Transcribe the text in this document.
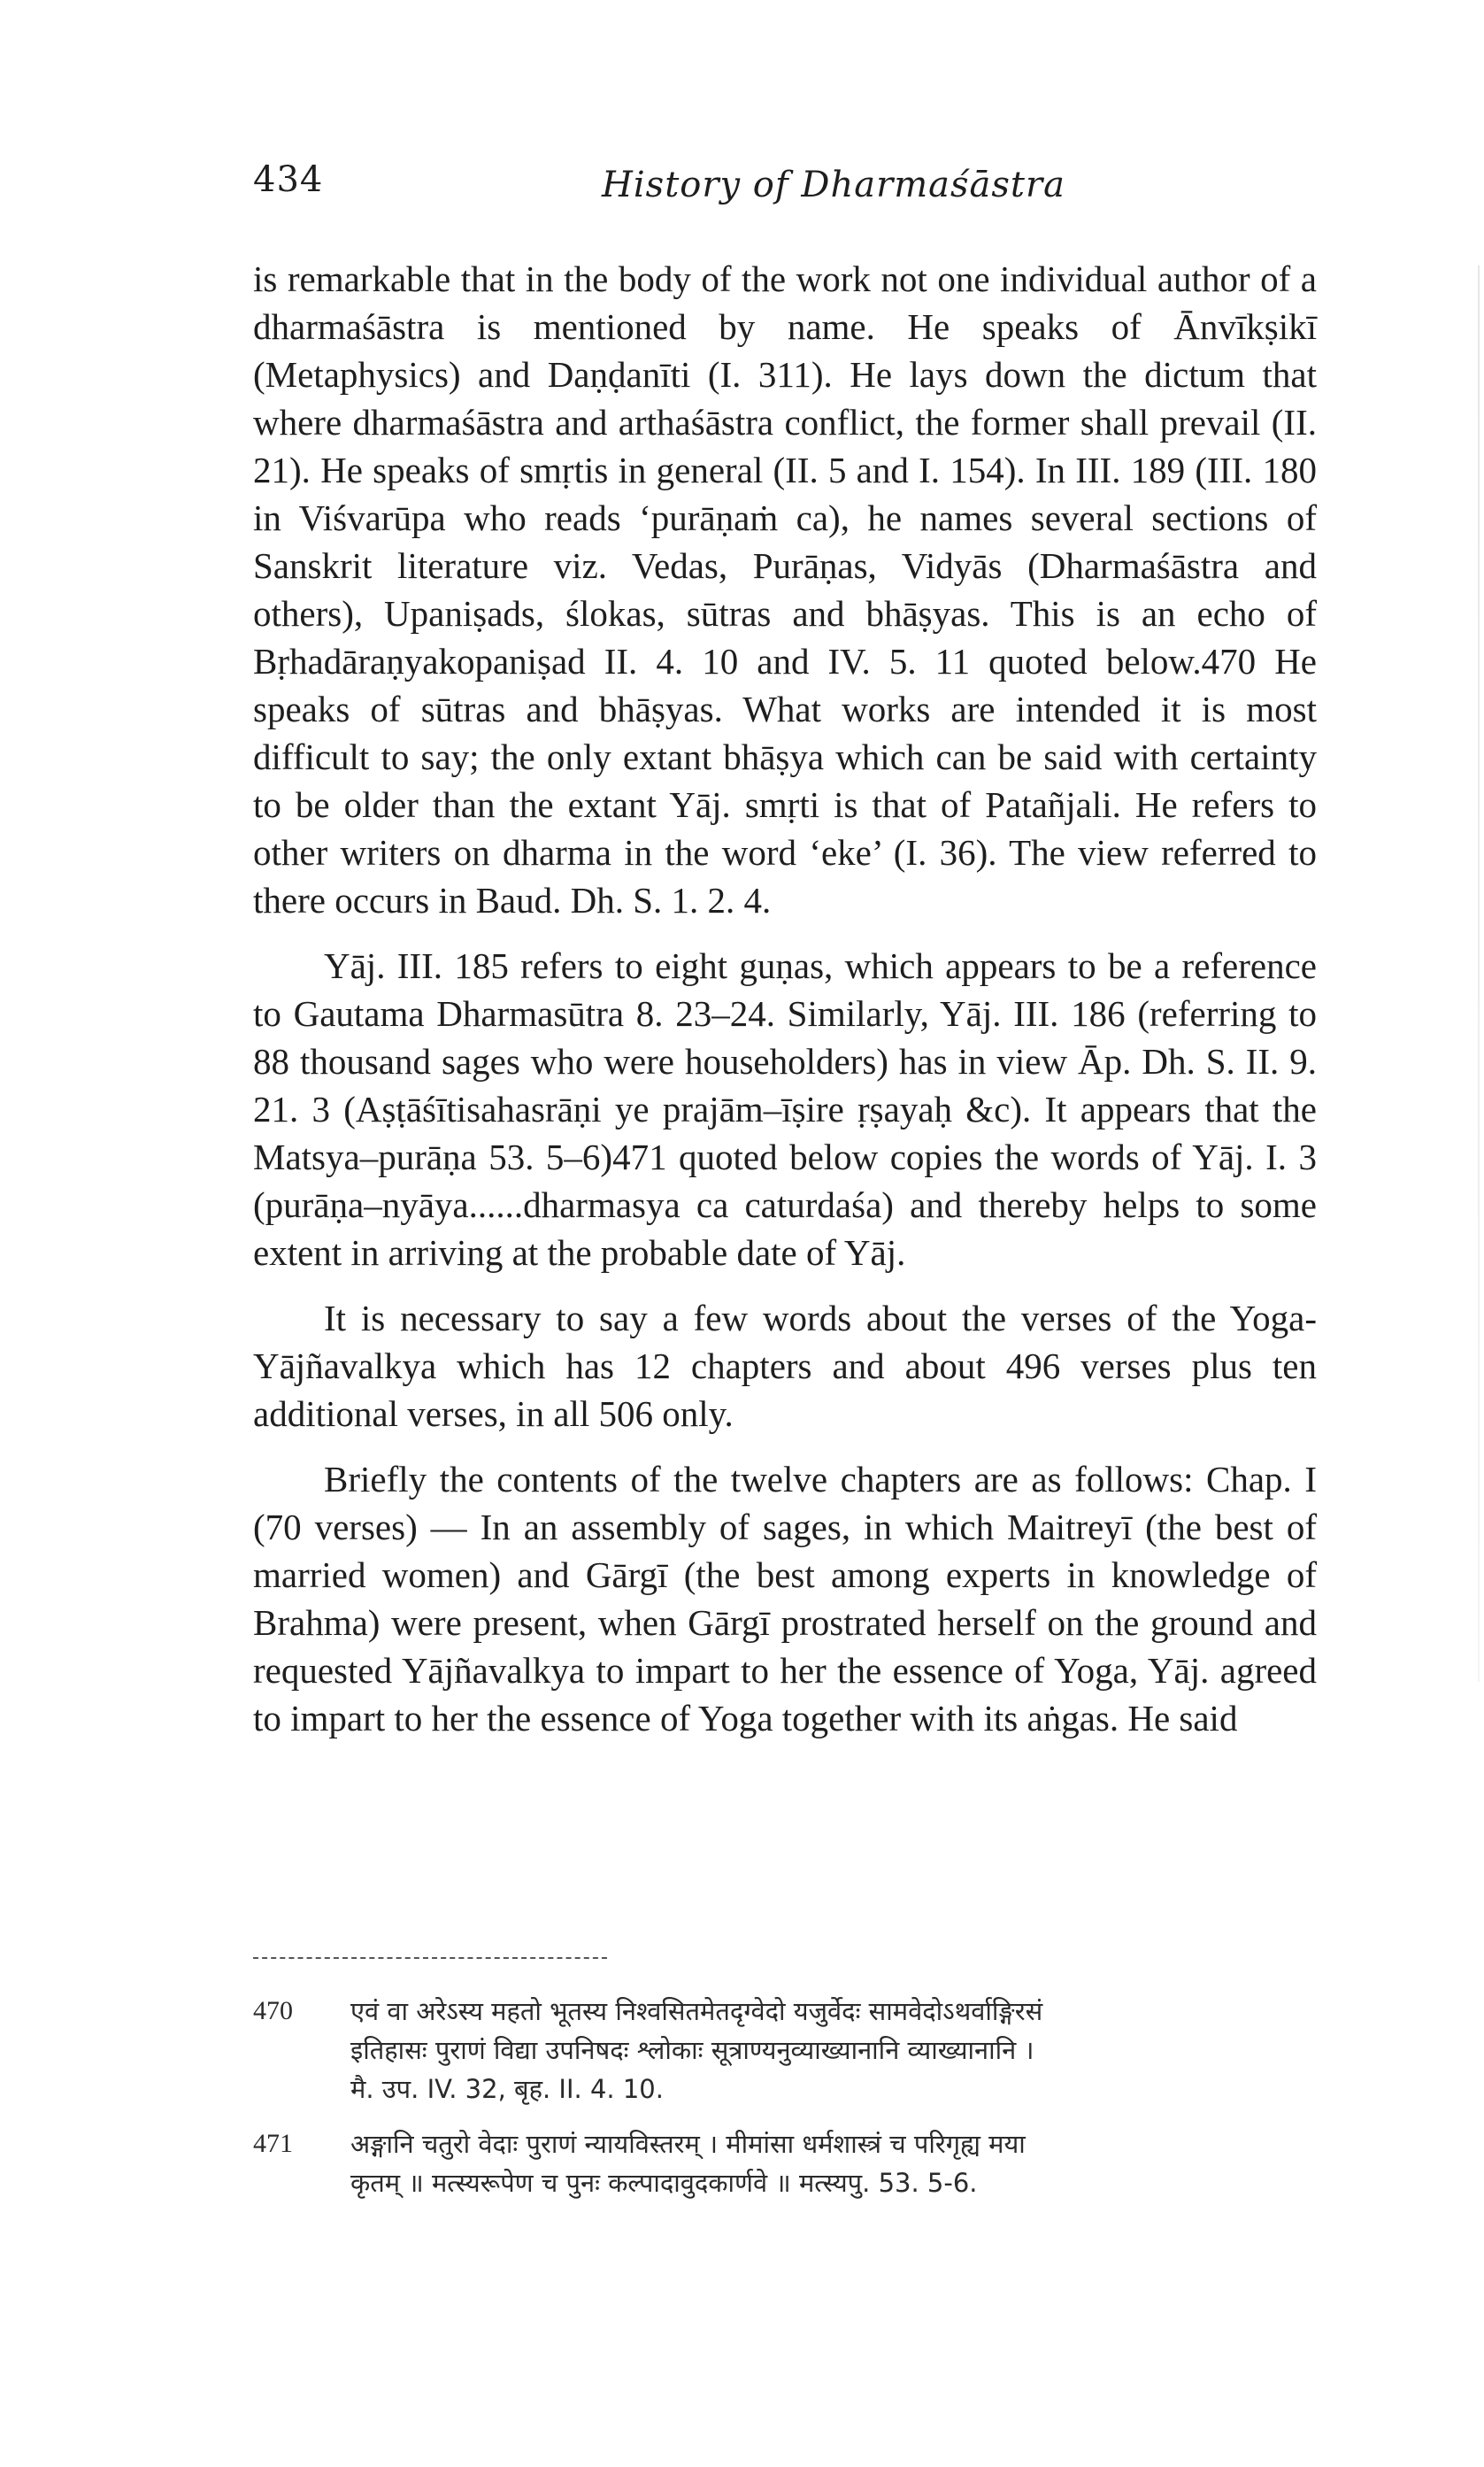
434	History of Dharmaśāstra

is remarkable that in the body of the work not one individual author of a dharmaśāstra is mentioned by name. He speaks of Ānvīkṣikī (Metaphysics) and Daṇḍanīti (I. 311). He lays down the dictum that where dharmaśāstra and arthaśāstra conflict, the former shall prevail (II. 21). He speaks of smṛtis in general (II. 5 and I. 154). In III. 189 (III. 180 in Viśvarūpa who reads ‘purāṇaṁ ca), he names several sections of Sanskrit literature viz. Vedas, Purāṇas, Vidyās (Dharmaśāstra and others), Upaniṣads, ślokas, sūtras and bhāṣyas. This is an echo of Bṛhadāraṇyakopaniṣad II. 4. 10 and IV. 5. 11 quoted below.470 He speaks of sūtras and bhāṣyas. What works are intended it is most difficult to say; the only extant bhāṣya which can be said with certainty to be older than the extant Yāj. smṛti is that of Patañjali. He refers to other writers on dharma in the word ‘eke’ (I. 36). The view referred to there occurs in Baud. Dh. S. 1. 2. 4.

Yāj. III. 185 refers to eight guṇas, which appears to be a reference to Gautama Dharmasūtra 8. 23–24. Similarly, Yāj. III. 186 (referring to 88 thousand sages who were householders) has in view Āp. Dh. S. II. 9. 21. 3 (Aṣṭāśītisahasrāṇi ye prajām–īṣire ṛṣayaḥ &c). It appears that the Matsya–purāṇa 53. 5–6)471 quoted below copies the words of Yāj. I. 3 (purāṇa–nyāya......dharmasya ca caturdaśa) and thereby helps to some extent in arriving at the probable date of Yāj.

It is necessary to say a few words about the verses of the Yoga-Yājñavalkya which has 12 chapters and about 496 verses plus ten additional verses, in all 506 only.

Briefly the contents of the twelve chapters are as follows: Chap. I (70 verses) — In an assembly of sages, in which Maitreyī (the best of married women) and Gārgī (the best among experts in knowledge of Brahma) were present, when Gārgī prostrated herself on the ground and requested Yājñavalkya to impart to her the essence of Yoga, Yāj. agreed to impart to her the essence of Yoga together with its aṅgas. He said

470	एवं वा अरेऽस्य महतो भूतस्य निश्वसितमेतदृग्वेदो यजुर्वेदः सामवेदोऽथर्वाङ्गिरसं
इतिहासः पुराणं विद्या उपनिषदः श्लोकाः सूत्राण्यनुव्याख्यानानि व्याख्यानानि ।
मै. उप. IV. 32, बृह. II. 4. 10.
471	अङ्गानि चतुरो वेदाः पुराणं न्यायविस्तरम् । मीमांसा धर्मशास्त्रं च परिगृह्य मया
कृतम् ॥ मत्स्यरूपेण च पुनः कल्पादावुदकार्णवे ॥ मत्स्यपु. 53. 5-6.
